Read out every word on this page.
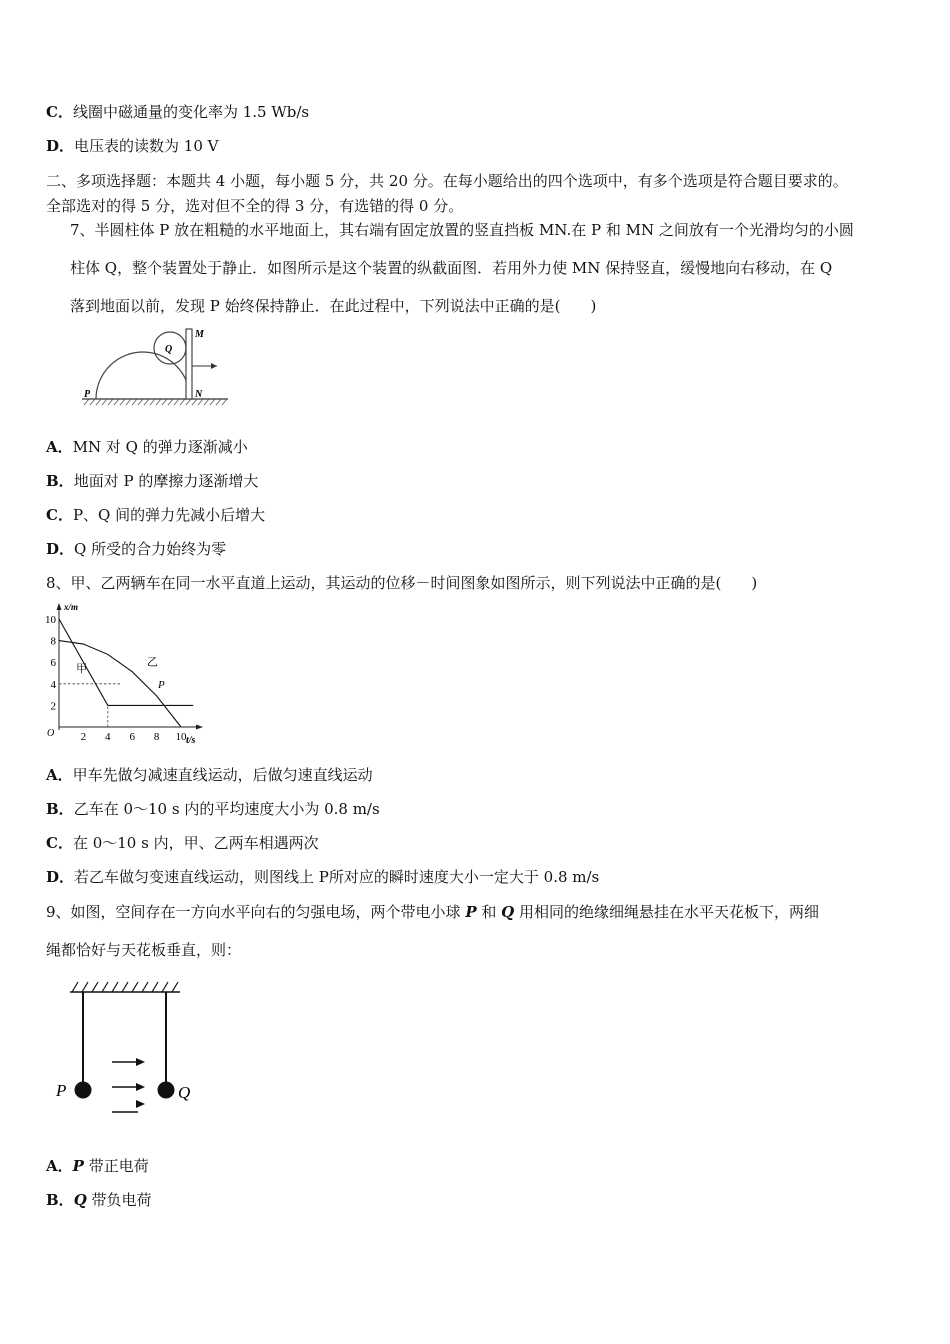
C．线圈中磁通量的变化率为 1.5 Wb/s
D．电压表的读数为 10 V
二、多项选择题：本题共 4 小题，每小题 5 分，共 20 分。在每小题给出的四个选项中，有多个选项是符合题目要求的。
全部选对的得 5 分，选对但不全的得 3 分，有选错的得 0 分。
7、半圆柱体 P 放在粗糙的水平地面上，其右端有固定放置的竖直挡板 MN.在 P 和 MN 之间放有一个光滑均匀的小圆
柱体 Q，整个装置处于静止．如图所示是这个装置的纵截面图．若用外力使 MN 保持竖直，缓慢地向右移动，在 Q
落到地面以前，发现 P 始终保持静止．在此过程中，下列说法中正确的是(　　)
P
Q
M
N
A．MN 对 Q 的弹力逐渐减小
B．地面对 P 的摩擦力逐渐增大
C．P、Q 间的弹力先减小后增大
D．Q 所受的合力始终为零
8、甲、乙两辆车在同一水平直道上运动，其运动的位移－时间图象如图所示，则下列说法中正确的是(　　)
x/m
t/s
O 2 4 6 8 10
2
4
6
8
10
甲
乙
P
A．甲车先做匀减速直线运动，后做匀速直线运动
B．乙车在 0～10 s 内的平均速度大小为 0.8 m/s
C．在 0～10 s 内，甲、乙两车相遇两次
D．若乙车做匀变速直线运动，则图线上 P所对应的瞬时速度大小一定大于 0.8 m/s
9、如图，空间存在一方向水平向右的匀强电场，两个带电小球 P 和 Q 用相同的绝缘细绳悬挂在水平天花板下，两细
绳都恰好与天花板垂直，则：
P	Q
A．P 带正电荷
B．Q 带负电荷
